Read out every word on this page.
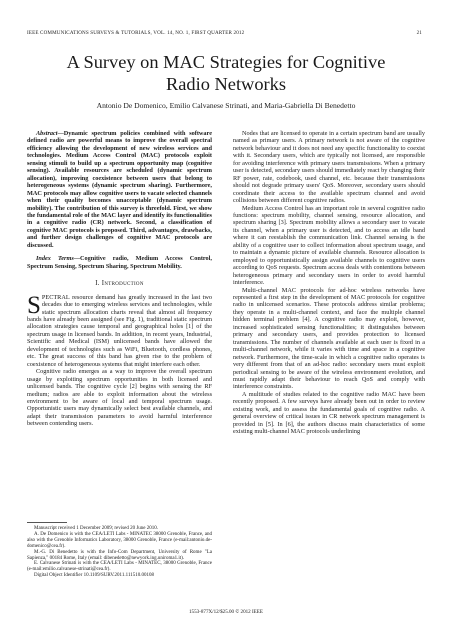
IEEE COMMUNICATIONS SURVEYS & TUTORIALS, VOL. 14, NO. 1, FIRST QUARTER 2012	21
A Survey on MAC Strategies for Cognitive
Radio Networks
Antonio De Domenico, Emilio Calvanese Strinati, and Maria-Gabriella Di Benedetto

Abstract—Dynamic spectrum policies combined with software defined radio are powerful means to improve the overall spectral efficiency allowing the development of new wireless services and technologies. Medium Access Control (MAC) protocols exploit sensing stimuli to build up a spectrum opportunity map (cognitive sensing). Available resources are scheduled (dynamic spectrum allocation), improving coexistence between users that belong to heterogeneous systems (dynamic spectrum sharing). Furthermore, MAC protocols may allow cognitive users to vacate selected channels when their quality becomes unacceptable (dynamic spectrum mobility). The contribution of this survey is threefold. First, we show the fundamental role of the MAC layer and identify its functionalities in a cognitive radio (CR) network. Second, a classification of cognitive MAC protocols is proposed. Third, advantages, drawbacks, and further design challenges of cognitive MAC protocols are discussed.

Index Terms—Cognitive radio, Medium Access Control, Spectrum Sensing, Spectrum Sharing, Spectrum Mobility.

I. Introduction

SPECTRAL resource demand has greatly increased in the last two decades due to emerging wireless services and technologies, while static spectrum allocation charts reveal that almost all frequency bands have already been assigned (see Fig. 1), traditional static spectrum allocation strategies cause temporal and geographical holes [1] of the spectrum usage in licensed bands. In addition, in recent years, Industrial, Scientific and Medical (ISM) unlicensed bands have allowed the development of technologies such as WiFi, Bluetooth, cordless phones, etc. The great success of this band has given rise to the problem of coexistence of heterogeneous systems that might interfere each other.

Cognitive radio emerges as a way to improve the overall spectrum usage by exploiting spectrum opportunities in both licensed and unlicensed bands. The cognitive cycle [2] begins with sensing the RF medium; radios are able to exploit information about the wireless environment to be aware of local and temporal spectrum usage. Opportunistic users may dynamically select best available channels, and adapt their transmission parameters to avoid harmful interference between contending users.

Manuscript received 1 December 2009; revised 20 June 2010.

A. De Domenico is with the CEA/LETI Labs - MINATEC 38000 Grenoble, France, and also with the Grenoble Informatics Laboratory, 38000 Grenoble, France (e-mail:antonio.de-domenico@cea.fr).

M.-G. Di Benedetto is with the Info-Com Department, University of Rome "La Sapienza," 00184 Rome, Italy (email: dibenedetto@newyork.ing.uniroma1.it).

E. Calvanese Strinati is with the CEA/LETI Labs - MINATEC, 38000 Grenoble, France (e-mail:emilio.calvanese-strinati@cea.fr).

Digital Object Identifier 10.1109/SURV.2011.111510.00108

Nodes that are licensed to operate in a certain spectrum band are usually named as primary users. A primary network is not aware of the cognitive network behaviour and it does not need any specific functionality to coexist with it. Secondary users, which are typically not licensed, are responsible for avoiding interference with primary users transmissions. When a primary user is detected, secondary users should immediately react by changing their RF power, rate, codebook, used channel, etc. because their transmissions should not degrade primary users' QoS. Moreover, secondary users should coordinate their access to the available spectrum channel and avoid collisions between different cognitive radios.

Medium Access Control has an important role in several cognitive radio functions: spectrum mobility, channel sensing, resource allocation, and spectrum sharing [3]. Spectrum mobility allows a secondary user to vacate its channel, when a primary user is detected, and to access an idle band where it can reestablish the communication link. Channel sensing is the ability of a cognitive user to collect information about spectrum usage, and to maintain a dynamic picture of available channels. Resource allocation is employed to opportunistically assign available channels to cognitive users according to QoS requests. Spectrum access deals with contentions between heterogeneous primary and secondary users in order to avoid harmful interference.

Multi-channel MAC protocols for ad-hoc wireless networks have represented a first step in the development of MAC protocols for cognitive radio in unlicensed scenarios. These protocols address similar problems; they operate in a multi-channel context, and face the multiple channel hidden terminal problem [4]. A cognitive radio may exploit, however, increased sophisticated sensing functionalities; it distinguishes between primary and secondary users, and provides protection to licensed transmissions. The number of channels available at each user is fixed in a multi-channel network, while it varies with time and space in a cognitive network. Furthermore, the time-scale in which a cognitive radio operates is very different from that of an ad-hoc radio: secondary users must exploit periodical sensing to be aware of the wireless environment evolution, and must rapidly adapt their behaviour to reach QoS and comply with interference constraints.

A multitude of studies related to the cognitive radio MAC have been recently proposed. A few surveys have already been out in order to review existing work, and to assess the fundamental goals of cognitive radio. A general overview of critical issues in CR network spectrum management is provided in [5]. In [6], the authors discuss main characteristics of some existing multi-channel MAC protocols underlining

1553-877X/12/$25.00 © 2012 IEEE
